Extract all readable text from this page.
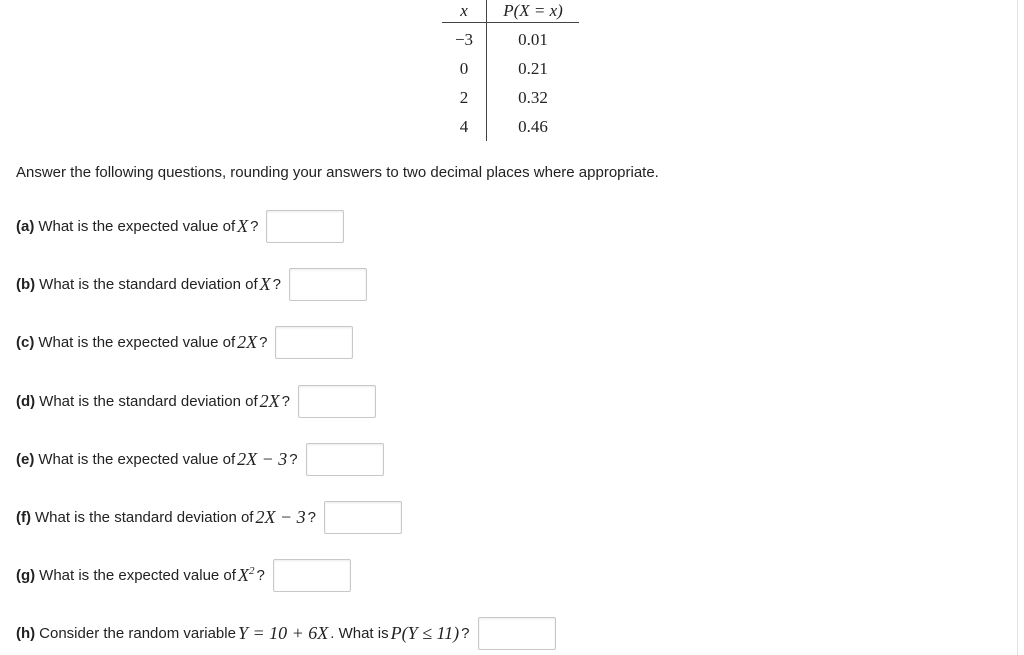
x	P(X = x)
−3	0.01
0	0.21
2	0.32
4	0.46
Answer the following questions, rounding your answers to two decimal places where appropriate.
(a) What is the expected value of X ?
(b) What is the standard deviation of X ?
(c) What is the expected value of 2X ?
(d) What is the standard deviation of 2X ?
(e) What is the expected value of 2X − 3 ?
(f) What is the standard deviation of 2X − 3 ?
(g) What is the expected value of $X^2$ ?
(h) Consider the random variable Y = 10 + 6X . What is P(Y ≤ 11) ?
